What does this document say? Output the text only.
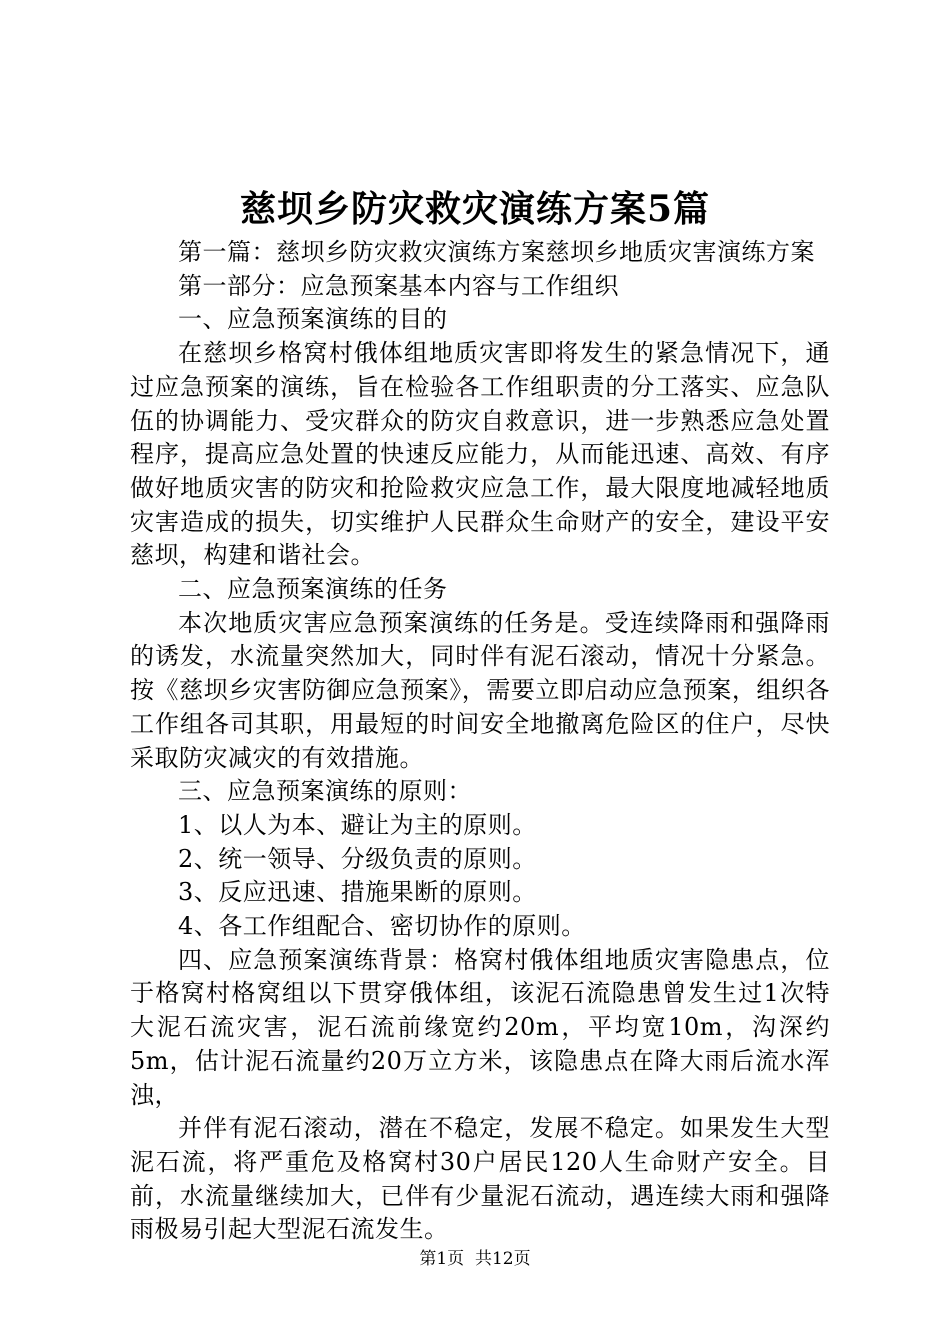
慈坝乡防灾救灾演练方案5篇

第一篇：慈坝乡防灾救灾演练方案慈坝乡地质灾害演练方案

第一部分：应急预案基本内容与工作组织

一、应急预案演练的目的

在慈坝乡格窝村俄体组地质灾害即将发生的紧急情况下，通过应急预案的演练，旨在检验各工作组职责的分工落实、应急队伍的协调能力、受灾群众的防灾自救意识，进一步熟悉应急处置程序，提高应急处置的快速反应能力，从而能迅速、高效、有序做好地质灾害的防灾和抢险救灾应急工作，最大限度地减轻地质灾害造成的损失，切实维护人民群众生命财产的安全，建设平安慈坝，构建和谐社会。

二、应急预案演练的任务

本次地质灾害应急预案演练的任务是。受连续降雨和强降雨的诱发，水流量突然加大，同时伴有泥石滚动，情况十分紧急。按《慈坝乡灾害防御应急预案》，需要立即启动应急预案，组织各工作组各司其职，用最短的时间安全地撤离危险区的住户，尽快采取防灾减灾的有效措施。

三、应急预案演练的原则：

1、以人为本、避让为主的原则。

2、统一领导、分级负责的原则。

3、反应迅速、措施果断的原则。

4、各工作组配合、密切协作的原则。

四、应急预案演练背景：格窝村俄体组地质灾害隐患点，位于格窝村格窝组以下贯穿俄体组，该泥石流隐患曾发生过1次特大泥石流灾害，泥石流前缘宽约20m，平均宽10m，沟深约5m，估计泥石流量约20万立方米，该隐患点在降大雨后流水浑浊，

并伴有泥石滚动，潜在不稳定，发展不稳定。如果发生大型泥石流，将严重危及格窝村30户居民120人生命财产安全。目前，水流量继续加大，已伴有少量泥石流动，遇连续大雨和强降雨极易引起大型泥石流发生。

第1页  共12页
